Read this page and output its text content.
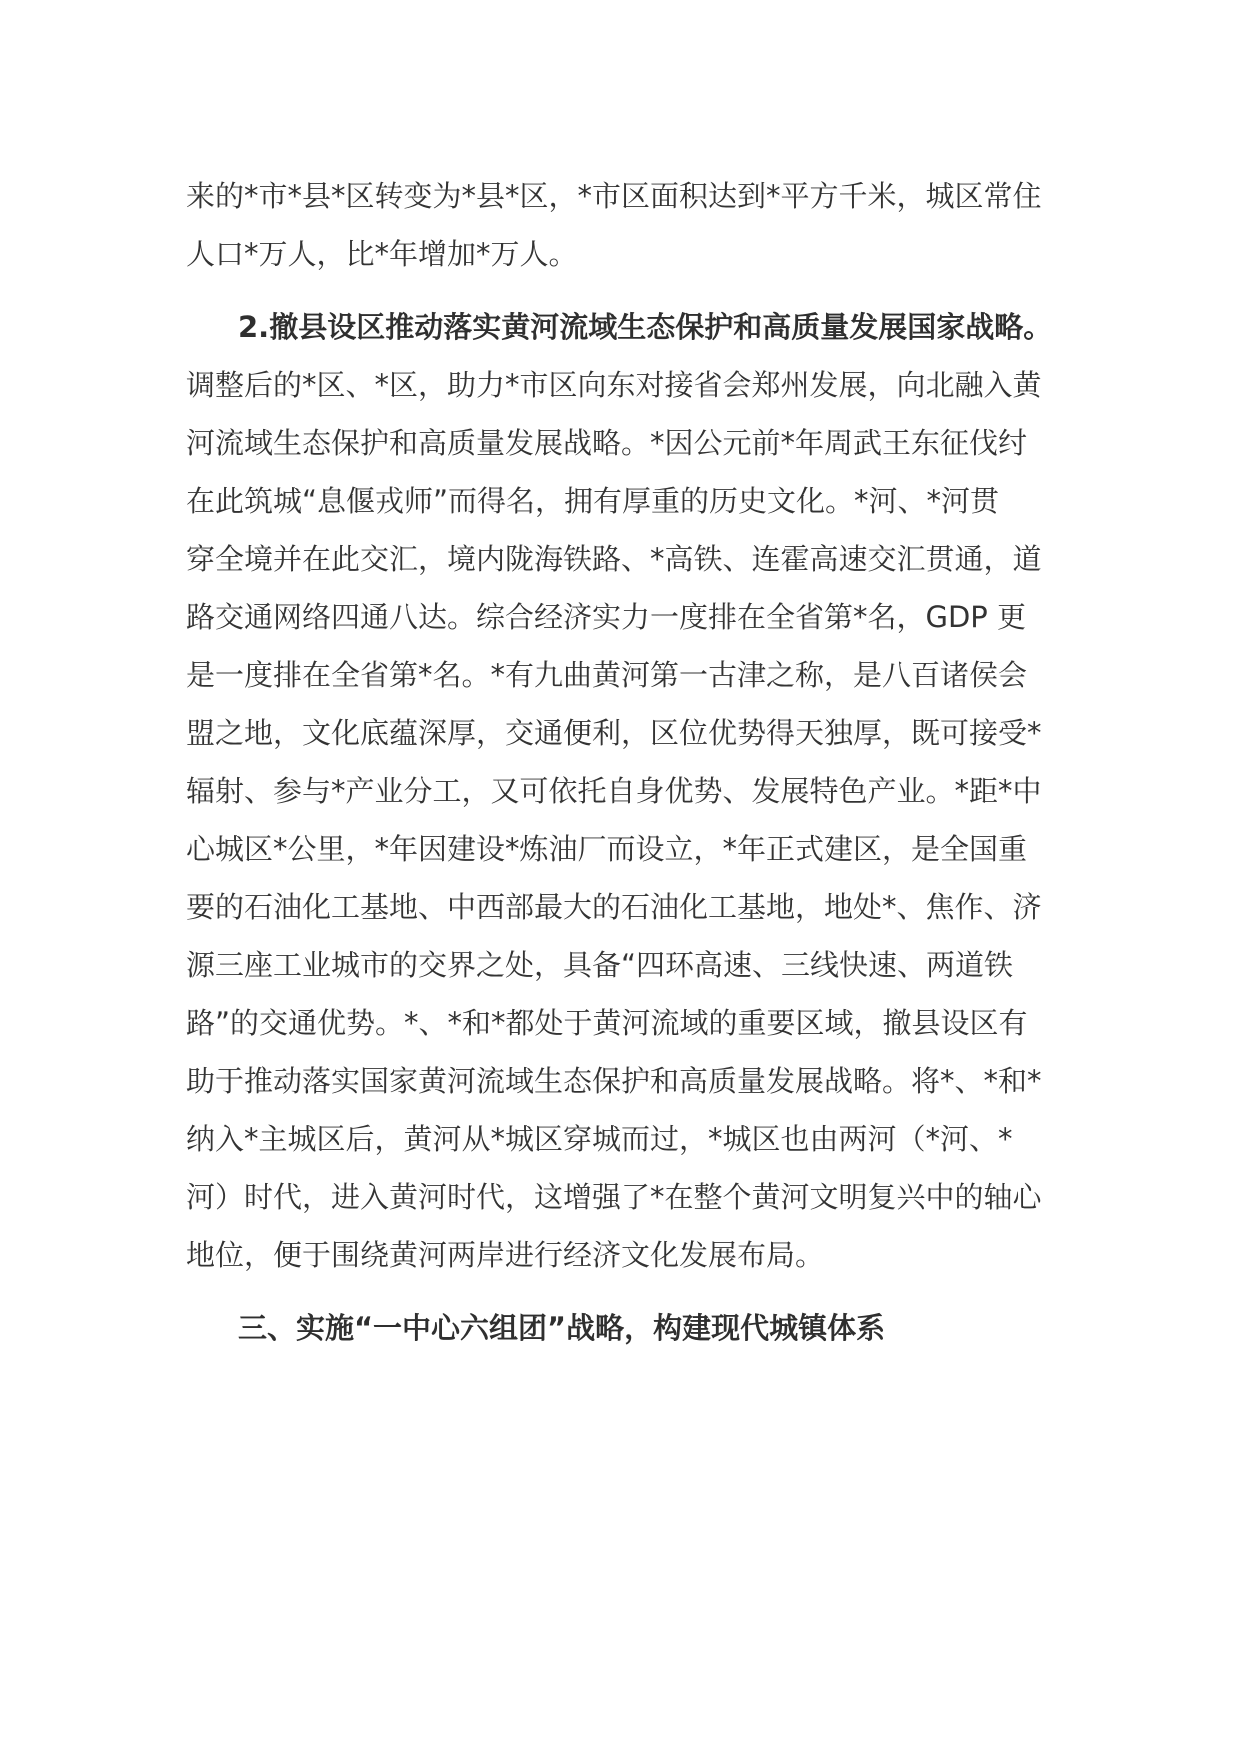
来的*市*县*区转变为*县*区，*市区面积达到*平方千米，城区常住
人口*万人，比*年增加*万人。
2.撤县设区推动落实黄河流域生态保护和高质量发展国家战略。
调整后的*区、*区，助力*市区向东对接省会郑州发展，向北融入黄
河流域生态保护和高质量发展战略。*因公元前*年周武王东征伐纣
在此筑城“息偃戎师”而得名，拥有厚重的历史文化。*河、*河贯
穿全境并在此交汇，境内陇海铁路、*高铁、连霍高速交汇贯通，道
路交通网络四通八达。综合经济实力一度排在全省第*名，GDP 更
是一度排在全省第*名。*有九曲黄河第一古津之称，是八百诸侯会
盟之地，文化底蕴深厚，交通便利，区位优势得天独厚，既可接受*
辐射、参与*产业分工，又可依托自身优势、发展特色产业。*距*中
心城区*公里，*年因建设*炼油厂而设立，*年正式建区，是全国重
要的石油化工基地、中西部最大的石油化工基地，地处*、焦作、济
源三座工业城市的交界之处，具备“四环高速、三线快速、两道铁
路”的交通优势。*、*和*都处于黄河流域的重要区域，撤县设区有
助于推动落实国家黄河流域生态保护和高质量发展战略。将*、*和*
纳入*主城区后，黄河从*城区穿城而过，*城区也由两河（*河、*
河）时代，进入黄河时代，这增强了*在整个黄河文明复兴中的轴心
地位，便于围绕黄河两岸进行经济文化发展布局。
三、实施“一中心六组团”战略，构建现代城镇体系
